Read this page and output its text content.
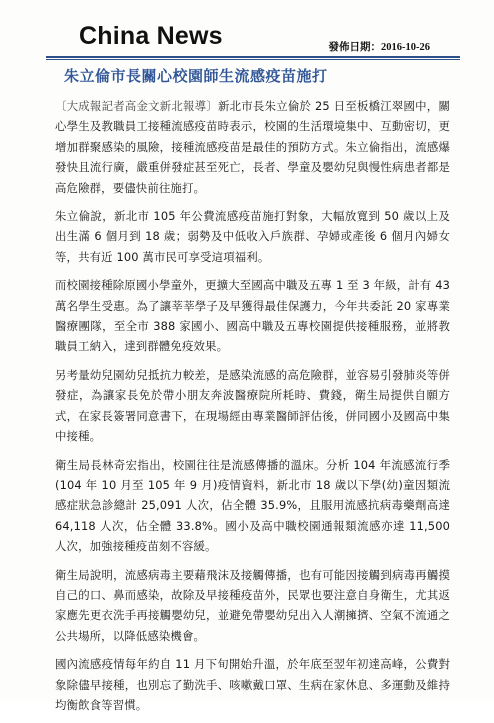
China News	發佈日期：2016-10-26
朱立倫市長關心校園師生流感疫苗施打

〔大成報記者高金文新北報導〕新北市長朱立倫於 25 日至板橋江翠國中，關心學生及教職員工接種流感疫苗時表示，校園的生活環境集中、互動密切，更增加群聚感染的風險，接種流感疫苗是最佳的預防方式。朱立倫指出，流感爆發快且流行廣，嚴重併發症甚至死亡，長者、學童及嬰幼兒與慢性病患者都是高危險群，要儘快前往施打。

朱立倫說，新北市 105 年公費流感疫苗施打對象，大幅放寬到 50 歲以上及出生滿 6 個月到 18 歲；弱勢及中低收入戶族群、孕婦或產後 6 個月內婦女等，共有近 100 萬市民可享受這項福利。

而校園接種除原國小學童外，更擴大至國高中職及五專 1 至 3 年級，計有 43 萬名學生受惠。為了讓莘莘學子及早獲得最佳保護力，今年共委託 20 家專業醫療團隊，至全市 388 家國小、國高中職及五專校園提供接種服務，並將教職員工納入，達到群體免疫效果。

另考量幼兒園幼兒抵抗力較差，是感染流感的高危險群，並容易引發肺炎等併發症，為讓家長免於帶小朋友奔波醫療院所耗時、費錢，衛生局提供自願方式，在家長簽署同意書下，在現場經由專業醫師評估後，併同國小及國高中集中接種。

衛生局長林奇宏指出，校園往往是流感傳播的溫床。分析 104 年流感流行季(104 年 10 月至 105 年 9 月)疫情資料，新北市 18 歲以下學(幼)童因類流感症狀急診總計 25,091 人次，佔全體 35.9%，且服用流感抗病毒藥劑高達 64,118 人次，佔全體 33.8%。國小及高中職校園通報類流感亦達 11,500 人次，加強接種疫苗刻不容緩。

衛生局說明，流感病毒主要藉飛沫及接觸傳播，也有可能因接觸到病毒再觸摸自己的口、鼻而感染，故除及早接種疫苗外，民眾也要注意自身衛生，尤其返家應先更衣洗手再接觸嬰幼兒，並避免帶嬰幼兒出入人潮擁擠、空氣不流通之公共場所，以降低感染機會。

國內流感疫情每年約自 11 月下旬開始升溫，於年底至翌年初達高峰，公費對象除儘早接種，也別忘了勤洗手、咳嗽戴口罩、生病在家休息、多運動及維持均衡飲食等習慣。
